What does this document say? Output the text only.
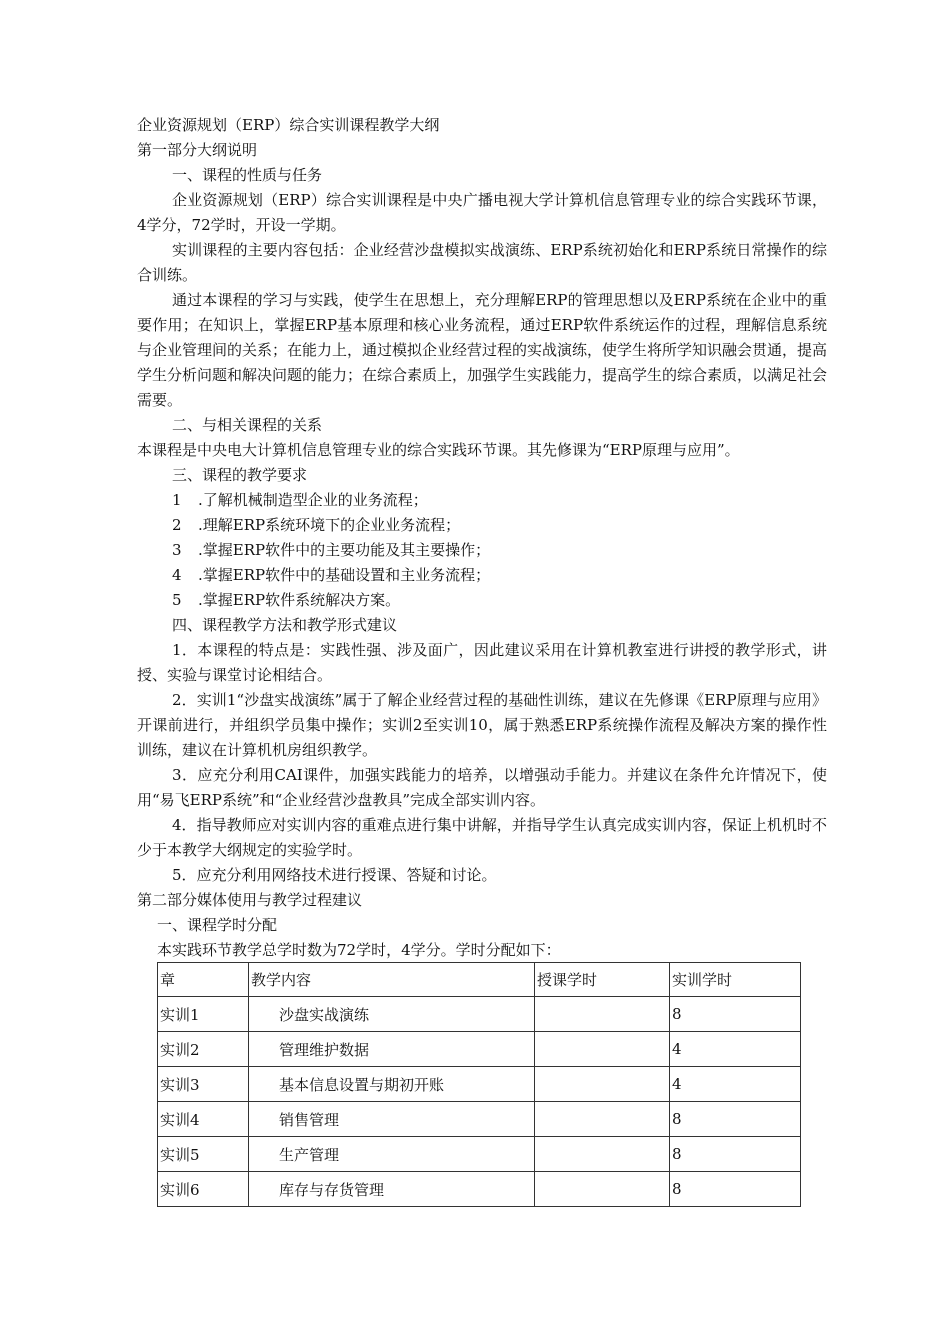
企业资源规划（ERP）综合实训课程教学大纲
第一部分大纲说明
一、课程的性质与任务
企业资源规划（ERP）综合实训课程是中央广播电视大学计算机信息管理专业的综合实践环节课，4学分，72学时，开设一学期。
实训课程的主要内容包括：企业经营沙盘模拟实战演练、ERP系统初始化和ERP系统日常操作的综合训练。
通过本课程的学习与实践，使学生在思想上，充分理解ERP的管理思想以及ERP系统在企业中的重要作用；在知识上，掌握ERP基本原理和核心业务流程，通过ERP软件系统运作的过程，理解信息系统与企业管理间的关系；在能力上，通过模拟企业经营过程的实战演练，使学生将所学知识融会贯通，提高学生分析问题和解决问题的能力；在综合素质上，加强学生实践能力，提高学生的综合素质，以满足社会需要。
二、与相关课程的关系
本课程是中央电大计算机信息管理专业的综合实践环节课。其先修课为“ERP原理与应用”。
三、课程的教学要求
1 .了解机械制造型企业的业务流程；
2 .理解ERP系统环境下的企业业务流程；
3 .掌握ERP软件中的主要功能及其主要操作；
4 .掌握ERP软件中的基础设置和主业务流程；
5 .掌握ERP软件系统解决方案。
四、课程教学方法和教学形式建议
1．本课程的特点是：实践性强、涉及面广，因此建议采用在计算机教室进行讲授的教学形式，讲授、实验与课堂讨论相结合。
2．实训1“沙盘实战演练”属于了解企业经营过程的基础性训练，建议在先修课《ERP原理与应用》开课前进行，并组织学员集中操作；实训2至实训10，属于熟悉ERP系统操作流程及解决方案的操作性训练，建议在计算机机房组织教学。
3．应充分利用CAI课件，加强实践能力的培养，以增强动手能力。并建议在条件允许情况下，使用“易飞ERP系统”和“企业经营沙盘教具”完成全部实训内容。
4．指导教师应对实训内容的重难点进行集中讲解，并指导学生认真完成实训内容，保证上机机时不少于本教学大纲规定的实验学时。
5．应充分利用网络技术进行授课、答疑和讨论。
第二部分媒体使用与教学过程建议
一、课程学时分配
本实践环节教学总学时数为72学时，4学分。学时分配如下：
章	教学内容	授课学时	实训学时
实训1	沙盘实战演练		8
实训2	管理维护数据		4
实训3	基本信息设置与期初开账		4
实训4	销售管理		8
实训5	生产管理		8
实训6	库存与存货管理		8
